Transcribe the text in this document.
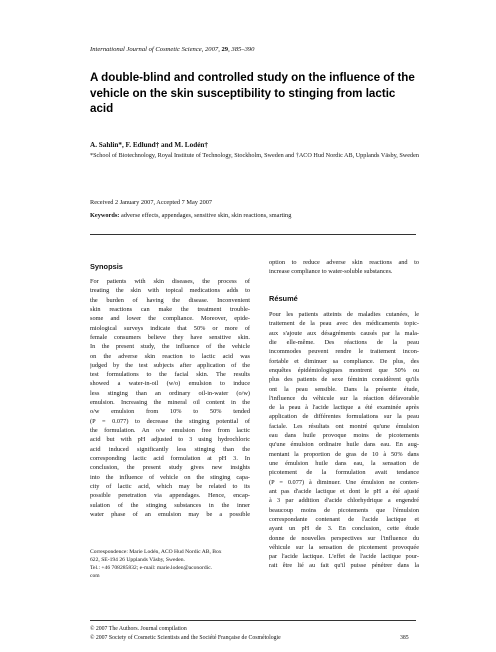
International Journal of Cosmetic Science, 2007, 29, 385–390
A double-blind and controlled study on the influence of the vehicle on the skin susceptibility to stinging from lactic acid
A. Sahlin*, F. Edlund† and M. Lodén†
*School of Biotechnology, Royal Institute of Technology, Stockholm, Sweden and †ACO Hud Nordic AB, Upplands Väsby, Sweden
Received 2 January 2007, Accepted 7 May 2007
Keywords: adverse effects, appendages, sensitive skin, skin reactions, smarting
Synopsis
For patients with skin diseases, the process of
treating the skin with topical medications adds to
the burden of having the disease. Inconvenient
skin reactions can make the treatment trouble-
some and lower the compliance. Moreover, epide-
miological surveys indicate that 50% or more of
female consumers believe they have sensitive skin.
In the present study, the influence of the vehicle
on the adverse skin reaction to lactic acid was
judged by the test subjects after application of the
test formulations to the facial skin. The results
showed a water-in-oil (w/o) emulsion to induce
less stinging than an ordinary oil-in-water (o/w)
emulsion. Increasing the mineral oil content in the
o/w emulsion from 10% to 50% tended
(P = 0.077) to decrease the stinging potential of
the formulation. An o/w emulsion free from lactic
acid but with pH adjusted to 3 using hydrochloric
acid induced significantly less stinging than the
corresponding lactic acid formulation at pH 3. In
conclusion, the present study gives new insights
into the influence of vehicle on the stinging capa-
city of lactic acid, which may be related to its
possible penetration via appendages. Hence, encap-
sulation of the stinging substances in the inner
water phase of an emulsion may be a possible
Correspondence: Marie Lodén, ACO Hud Nordic AB, Box
622, SE-194 26 Upplands Väsby, Sweden.
Tel.: +46 708285832; e-mail: marie.loden@aconordic.
com
option to reduce adverse skin reactions and to
increase compliance to water-soluble substances.
Résumé
Pour les patients atteints de maladies cutanées, le
traitement de la peau avec des médicaments topic-
aux s'ajoute aux désagréments causés par la mala-
die elle-même. Des réactions de la peau
incommodes peuvent rendre le traitement incon-
fortable et diminuer sa compliance. De plus, des
enquêtes épidémiologiques montrent que 50% ou
plus des patients de sexe féminin considèrent qu'ils
ont la peau sensible. Dans la présente étude,
l'influence du véhicule sur la réaction défavorable
de la peau à l'acide lactique a été examinée après
application de différentes formulations sur la peau
faciale. Les résultats ont montré qu'une émulsion
eau dans huile provoque moins de picotements
qu'une émulsion ordinaire huile dans eau. En aug-
mentant la proportion de gras de 10 à 50% dans
une émulsion huile dans eau, la sensation de
picotement de la formulation avait tendance
(P = 0.077) à diminuer. Une émulsion ne conten-
ant pas d'acide lactique et dont le pH a été ajusté
à 3 par addition d'acide chlorhydrique a engendré
beaucoup moins de picotements que l'émulsion
correspondante contenant de l'acide lactique et
ayant un pH de 3. En conclusion, cette étude
donne de nouvelles perspectives sur l'influence du
véhicule sur la sensation de picotement provoquée
par l'acide lactique. L'effet de l'acide lactique pour-
rait être lié au fait qu'il puisse pénétrer dans la
© 2007 The Authors. Journal compilation
© 2007 Society of Cosmetic Scientists and the Société Française de Cosmétologie	385
